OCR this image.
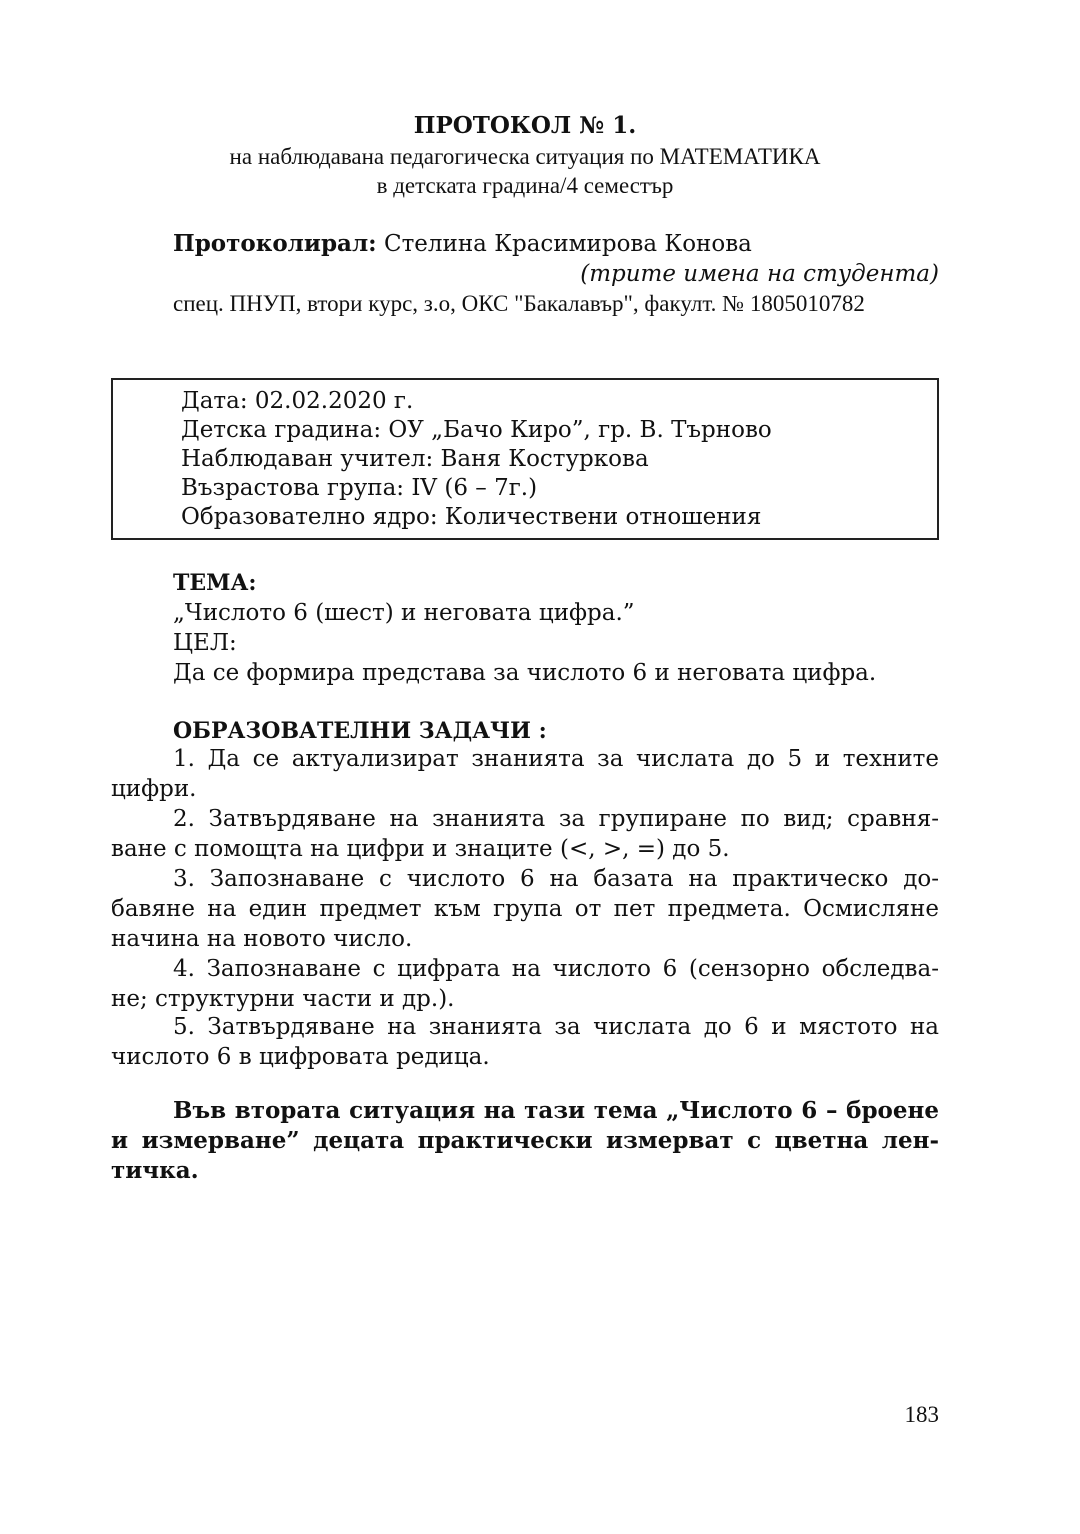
ПРОТОКОЛ № 1.
на наблюдавана педагогическа ситуация по МАТЕМАТИКА
в детската градина/4 семестър
Протоколирал: Стелина Красимирова Конова
(трите имена на студента)
спец. ПНУП, втори курс, з.о, ОКС "Бакалавър", факулт. № 1805010782
Дата: 02.02.2020 г.
Детска градина: ОУ „Бачо Киро”, гр. В. Търново
Наблюдаван учител: Ваня Костуркова
Възрастова група: IV (6 – 7г.)
Образователно ядро: Количествени отношения
ТЕМА:
„Числото 6 (шест) и неговата цифра.”
ЦЕЛ:
Да се формира представа за числото 6 и неговата цифра.
ОБРАЗОВАТЕЛНИ ЗАДАЧИ :
1. Да се актуализират знанията за числата до 5 и техните цифри.
2. Затвърдяване на знанията за групиране по вид; сравня-ване с помощта на цифри и знаците (<, >, =) до 5.
3. Запознаване с числото 6 на базата на практическо до-бавяне на един предмет към група от пет предмета. Осмисляне начина на новото число.
4. Запознаване с цифрата на числото 6 (сензорно обследва-не; структурни части и др.).
5. Затвърдяване на знанията за числата до 6 и мястото на числото 6 в цифровата редица.
Във втората ситуация на тази тема „Числото 6 – броене и измерване” децата практически измерват с цветна лен-тичка.
183
